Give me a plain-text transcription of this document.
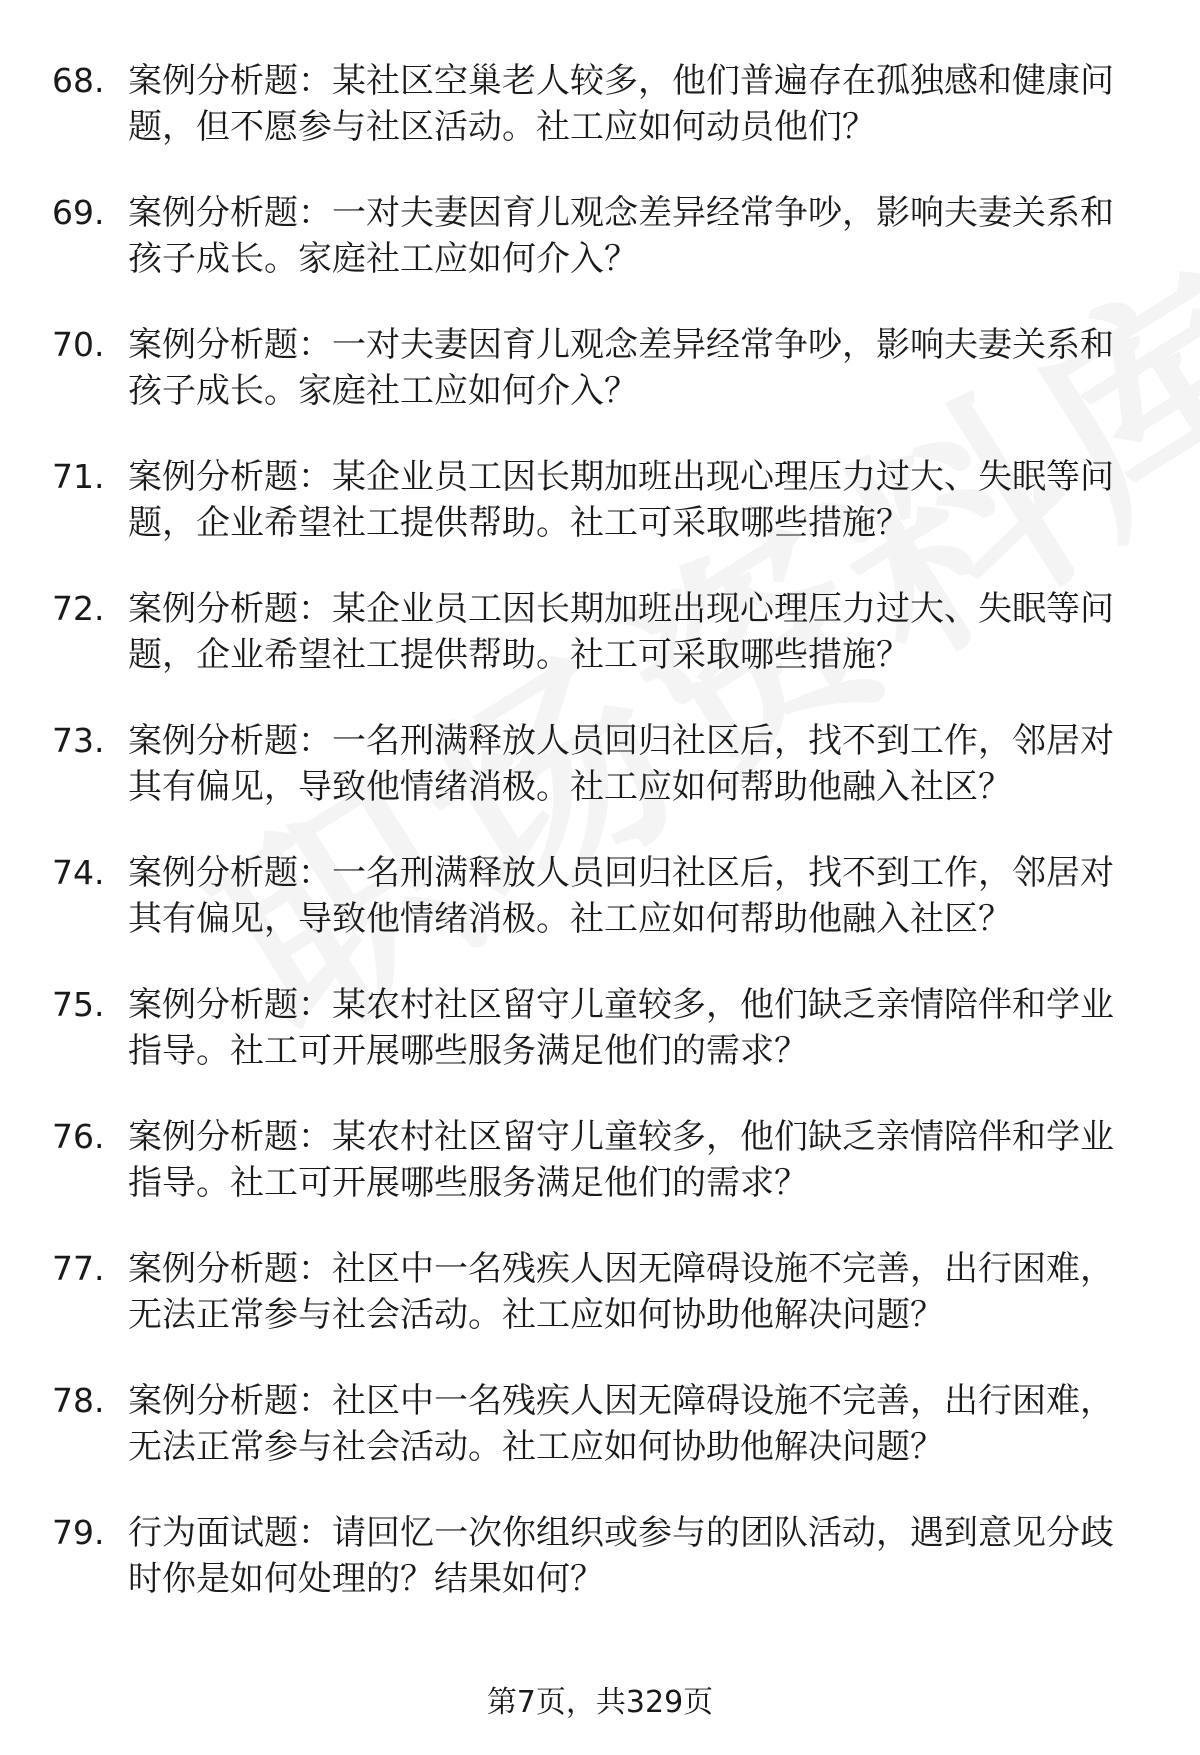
68. 案例分析题：某社区空巢老人较多，他们普遍存在孤独感和健康问题，但不愿参与社区活动。社工应如何动员他们？
69. 案例分析题：一对夫妻因育儿观念差异经常争吵，影响夫妻关系和孩子成长。家庭社工应如何介入？
70. 案例分析题：一对夫妻因育儿观念差异经常争吵，影响夫妻关系和孩子成长。家庭社工应如何介入？
71. 案例分析题：某企业员工因长期加班出现心理压力过大、失眠等问题，企业希望社工提供帮助。社工可采取哪些措施？
72. 案例分析题：某企业员工因长期加班出现心理压力过大、失眠等问题，企业希望社工提供帮助。社工可采取哪些措施？
73. 案例分析题：一名刑满释放人员回归社区后，找不到工作，邻居对其有偏见，导致他情绪消极。社工应如何帮助他融入社区？
74. 案例分析题：一名刑满释放人员回归社区后，找不到工作，邻居对其有偏见，导致他情绪消极。社工应如何帮助他融入社区？
75. 案例分析题：某农村社区留守儿童较多，他们缺乏亲情陪伴和学业指导。社工可开展哪些服务满足他们的需求？
76. 案例分析题：某农村社区留守儿童较多，他们缺乏亲情陪伴和学业指导。社工可开展哪些服务满足他们的需求？
77. 案例分析题：社区中一名残疾人因无障碍设施不完善，出行困难，无法正常参与社会活动。社工应如何协助他解决问题？
78. 案例分析题：社区中一名残疾人因无障碍设施不完善，出行困难，无法正常参与社会活动。社工应如何协助他解决问题？
79. 行为面试题：请回忆一次你组织或参与的团队活动，遇到意见分歧时你是如何处理的？结果如何？
第7页，共329页
